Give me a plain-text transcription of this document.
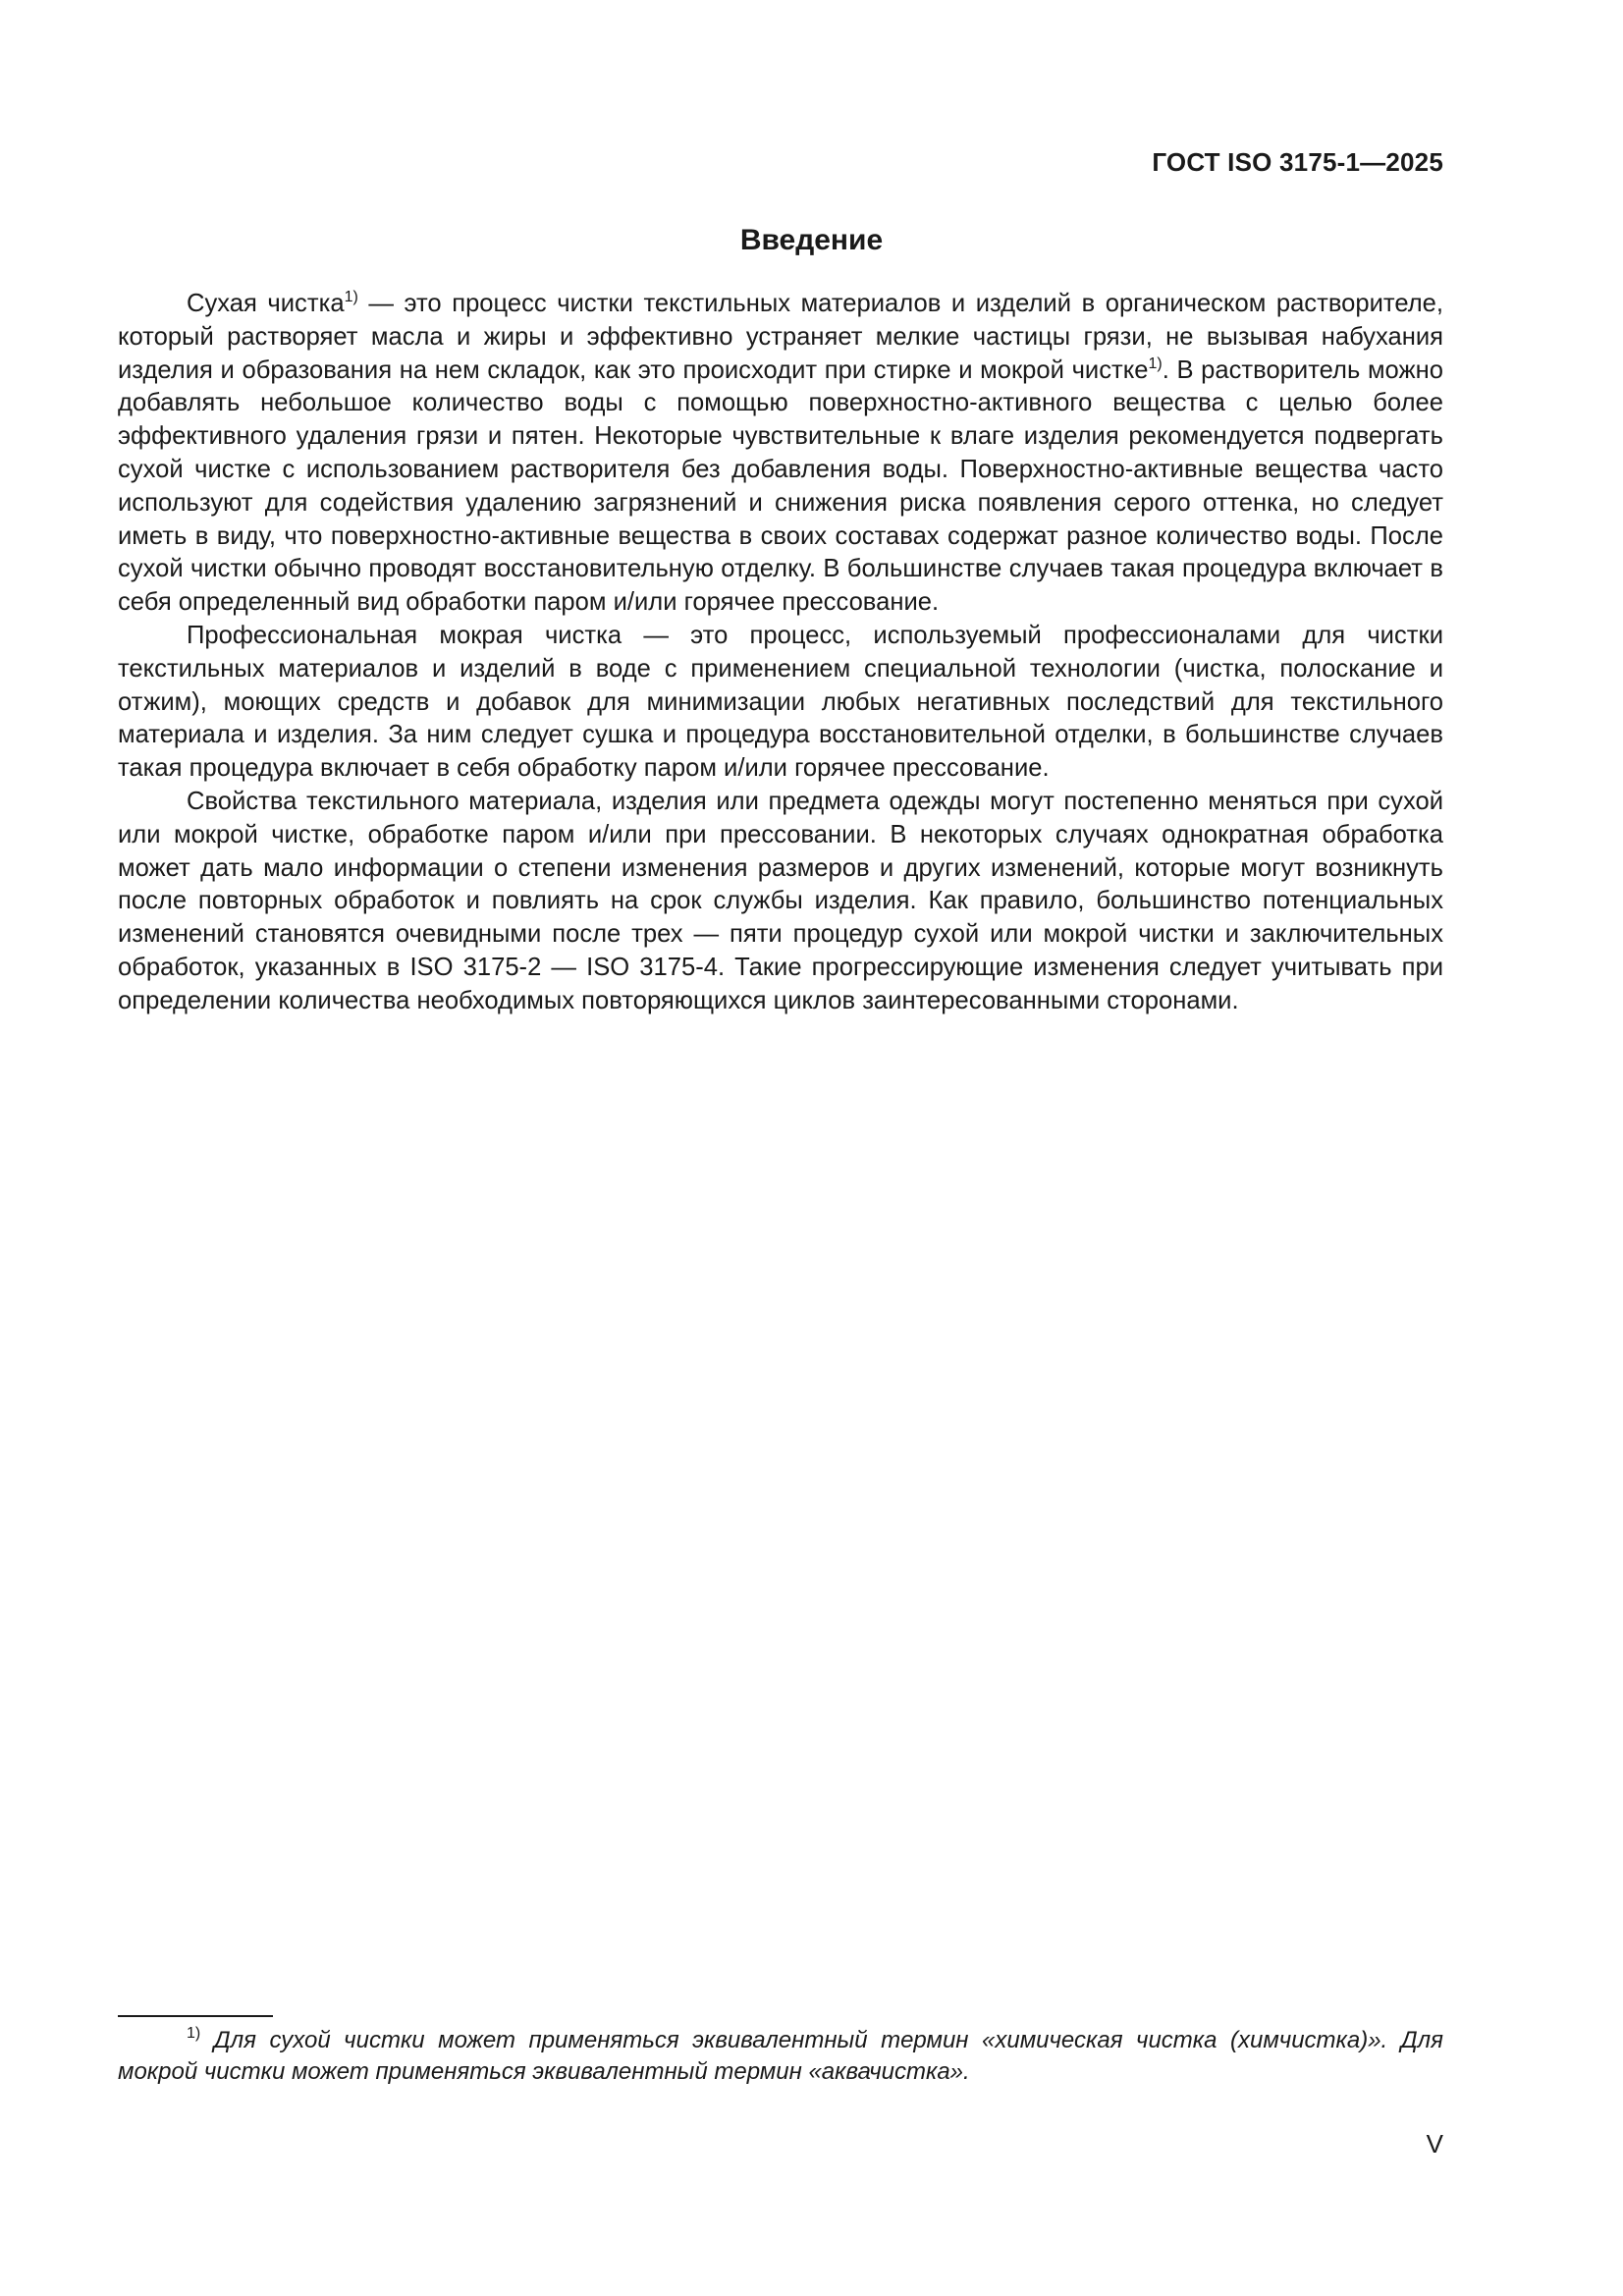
ГОСТ ISO 3175-1—2025
Введение

Сухая чистка$^{1)}$ — это процесс чистки текстильных материалов и изделий в органическом растворителе, который растворяет масла и жиры и эффективно устраняет мелкие частицы грязи, не вызывая набухания изделия и образования на нем складок, как это происходит при стирке и мокрой чистке$^{1)}$. В растворитель можно добавлять небольшое количество воды с помощью поверхностно-активного вещества с целью более эффективного удаления грязи и пятен. Некоторые чувствительные к влаге изделия рекомендуется подвергать сухой чистке с использованием растворителя без добавления воды. Поверхностно-активные вещества часто используют для содействия удалению загрязнений и снижения риска появления серого оттенка, но следует иметь в виду, что поверхностно-активные вещества в своих составах содержат разное количество воды. После сухой чистки обычно проводят восстановительную отделку. В большинстве случаев такая процедура включает в себя определенный вид обработки паром и/или горячее прессование.

Профессиональная мокрая чистка — это процесс, используемый профессионалами для чистки текстильных материалов и изделий в воде с применением специальной технологии (чистка, полоскание и отжим), моющих средств и добавок для минимизации любых негативных последствий для текстильного материала и изделия. За ним следует сушка и процедура восстановительной отделки, в большинстве случаев такая процедура включает в себя обработку паром и/или горячее прессование.

Свойства текстильного материала, изделия или предмета одежды могут постепенно меняться при сухой или мокрой чистке, обработке паром и/или при прессовании. В некоторых случаях однократная обработка может дать мало информации о степени изменения размеров и других изменений, которые могут возникнуть после повторных обработок и повлиять на срок службы изделия. Как правило, большинство потенциальных изменений становятся очевидными после трех — пяти процедур сухой или мокрой чистки и заключительных обработок, указанных в ISO 3175-2 — ISO 3175-4. Такие прогрессирующие изменения следует учитывать при определении количества необходимых повторяющихся циклов заинтересованными сторонами.

$^{1)}$ Для сухой чистки может применяться эквивалентный термин «химическая чистка (химчистка)». Для мокрой чистки может применяться эквивалентный термин «аквачистка».

V
